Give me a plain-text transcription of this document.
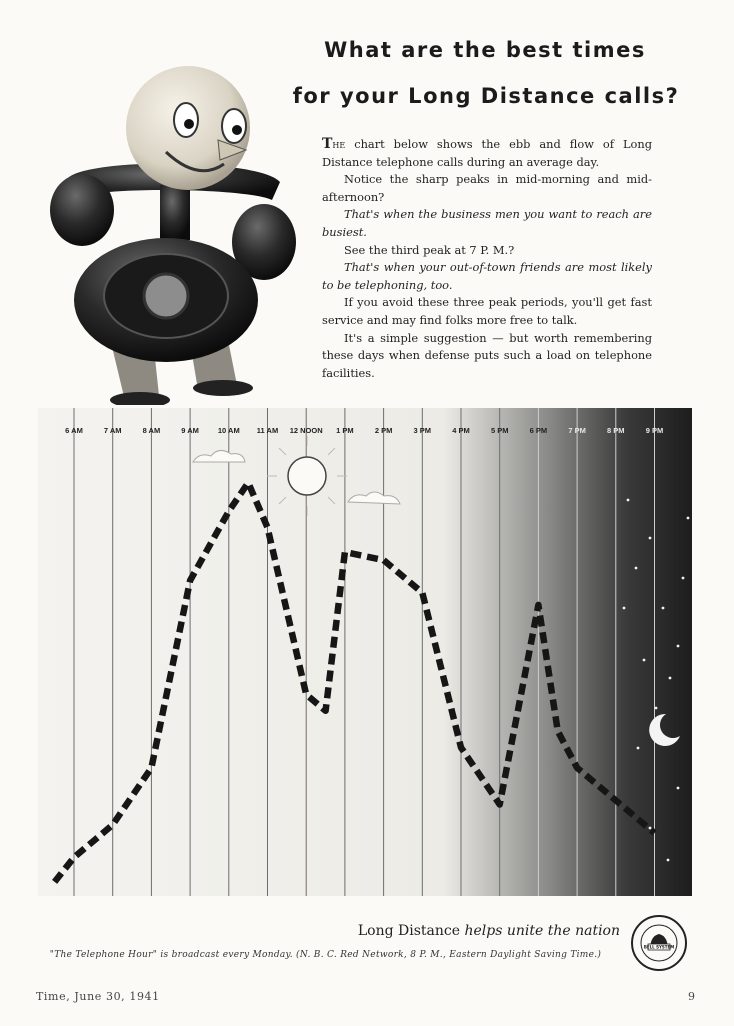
What are the best times
for your Long Distance calls?

The chart below shows the ebb and flow of Long Distance telephone calls during an average day.

Notice the sharp peaks in mid-morning and mid-afternoon?

That's when the business men you want to reach are busiest.

See the third peak at 7 P. M.?

That's when your out-of-town friends are most likely to be telephoning, too.

If you avoid these three peak periods, you'll get fast service and may find folks more free to talk.

It's a simple suggestion — but worth remembering these days when defense puts such a load on telephone facilities.

6 AM	7 AM	8 AM	9 AM	10 AM 11 AM 12 NOON 1 PM	2 PM	3 PM	4 PM	5 PM	6 PM	7 PM	8 PM	9 PM
Long Distance helps unite the nation
"The Telephone Hour" is broadcast every Monday. (N. B. C. Red Network, 8 P. M., Eastern Daylight Saving Time.)
BELL SYSTEM
Time, June 30, 1941	9
